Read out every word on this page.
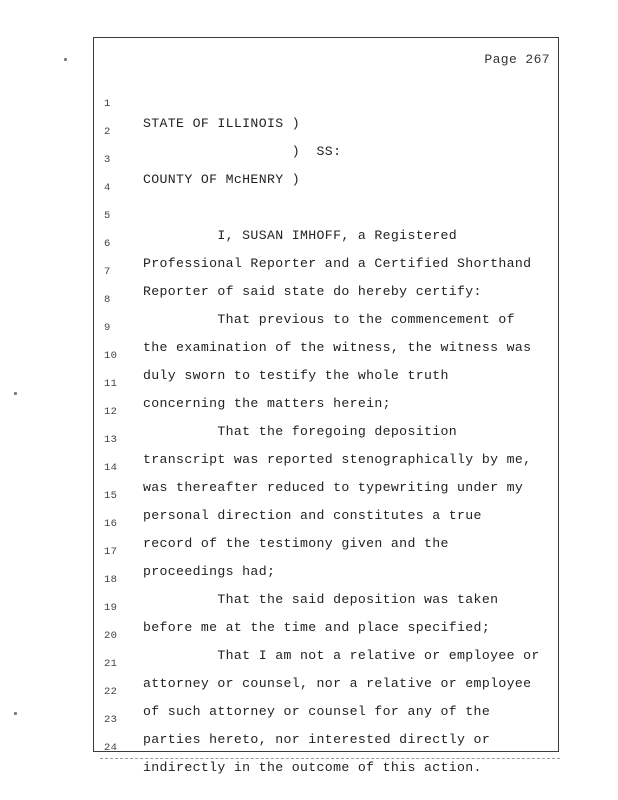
Page 267

1

STATE OF ILLINOIS )

2

)  SS:

3

COUNTY OF McHENRY )

4

5

I, SUSAN IMHOFF, a Registered

6

Professional Reporter and a Certified Shorthand

7

Reporter of said state do hereby certify:

8

That previous to the commencement of

9

the examination of the witness, the witness was

10

duly sworn to testify the whole truth

11

concerning the matters herein;

12

That the foregoing deposition

13

transcript was reported stenographically by me,

14

was thereafter reduced to typewriting under my

15

personal direction and constitutes a true

16

record of the testimony given and the

17

proceedings had;

18

That the said deposition was taken

19

before me at the time and place specified;

20

That I am not a relative or employee or

21

attorney or counsel, nor a relative or employee

22

of such attorney or counsel for any of the

23

parties hereto, nor interested directly or

24

indirectly in the outcome of this action.
